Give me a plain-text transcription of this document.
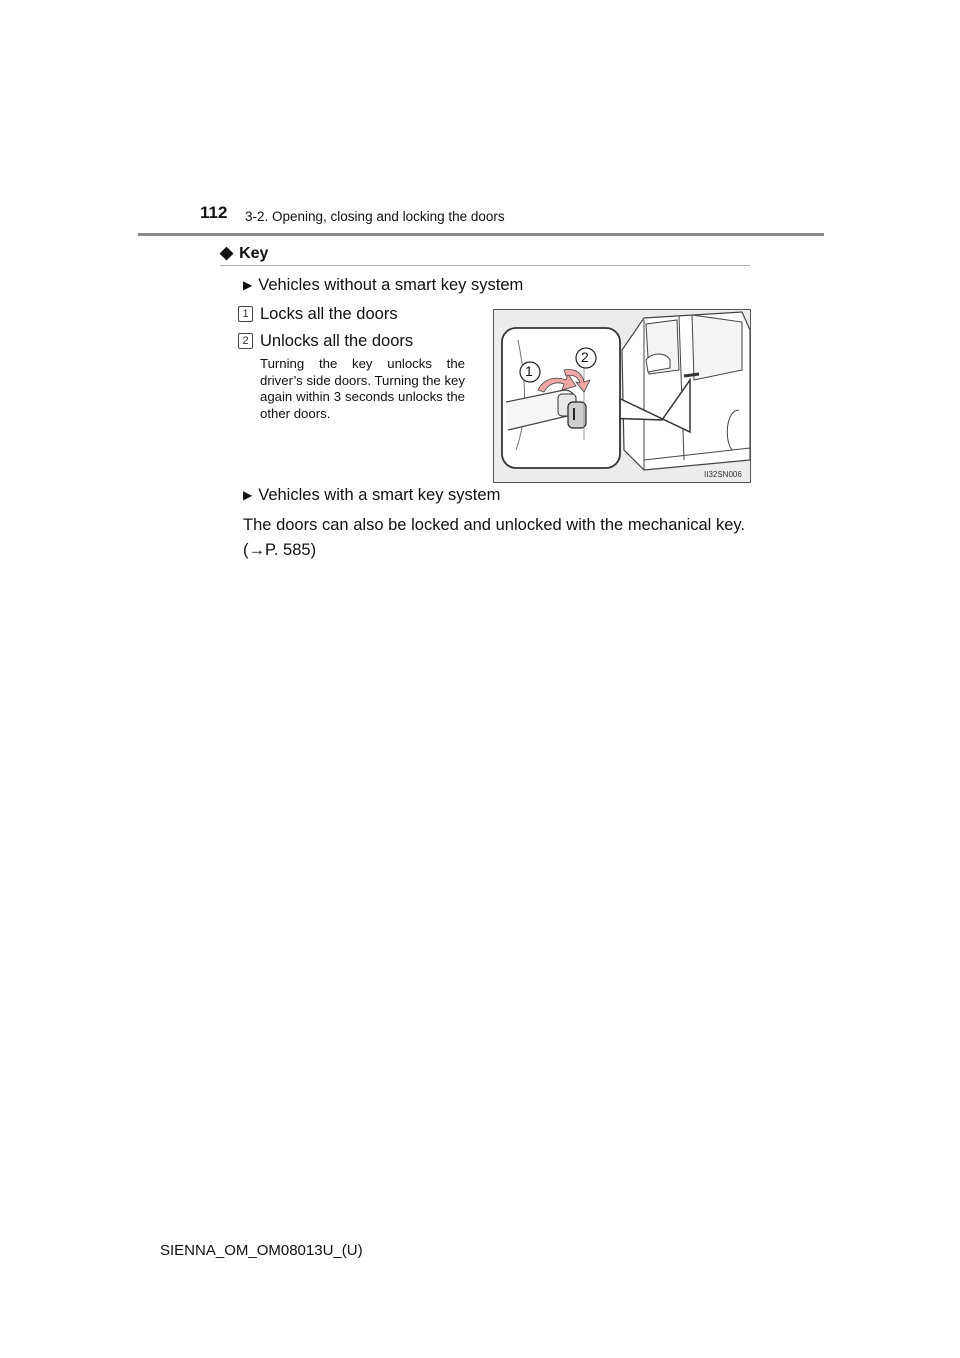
112 3-2. Opening, closing and locking the doors
◆ Key
▶ Vehicles without a smart key system
1 Locks all the doors
2 Unlocks all the doors
Turning the key unlocks the driver’s side doors. Turning the key again within 3 seconds unlocks the other doors.
1
2
II32SN006
▶ Vehicles with a smart key system
The doors can also be locked and unlocked with the mechanical key. (→P. 585)
SIENNA_OM_OM08013U_(U)
